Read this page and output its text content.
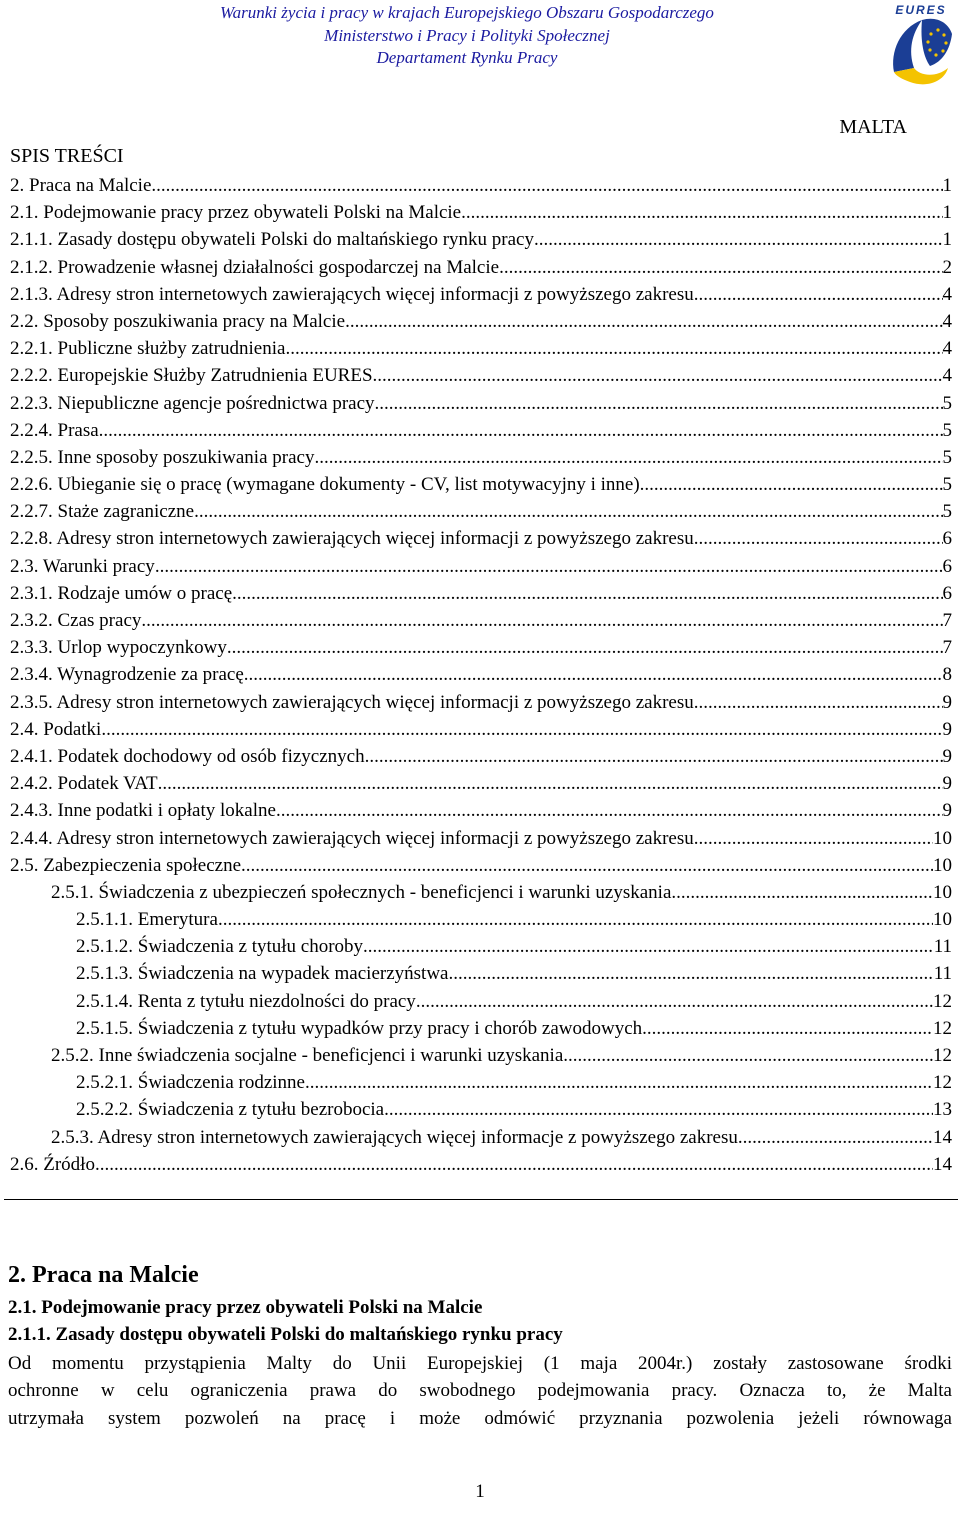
Warunki życia i pracy w krajach Europejskiego Obszaru Gospodarczego
Ministerstwo i Pracy i Polityki Społecznej
Departament Rynku Pracy
EURES
MALTA
SPIS TREŚCI
2. Praca na Malcie .....	1
2.1. Podejmowanie pracy przez obywateli Polski na Malcie .....	1
2.1.1. Zasady dostępu obywateli Polski do maltańskiego rynku pracy .....	1
2.1.2. Prowadzenie własnej działalności gospodarczej na Malcie .....	2
2.1.3. Adresy stron internetowych zawierających więcej informacji z powyższego zakresu .....	4
2.2. Sposoby poszukiwania pracy na Malcie .....	4
2.2.1. Publiczne służby zatrudnienia .....	4
2.2.2. Europejskie Służby Zatrudnienia EURES .....	4
2.2.3. Niepubliczne agencje pośrednictwa pracy .....	5
2.2.4. Prasa .....	5
2.2.5. Inne sposoby poszukiwania pracy .....	5
2.2.6. Ubieganie się o pracę (wymagane dokumenty - CV, list motywacyjny i inne) .....	5
2.2.7. Staże zagraniczne .....	5
2.2.8. Adresy stron internetowych zawierających więcej informacji z powyższego zakresu. .....	6
2.3. Warunki pracy .....	6
2.3.1. Rodzaje umów o pracę .....	6
2.3.2. Czas pracy .....	7
2.3.3. Urlop wypoczynkowy .....	7
2.3.4. Wynagrodzenie za pracę .....	8
2.3.5. Adresy stron internetowych zawierających więcej informacji z powyższego zakresu .....	9
2.4. Podatki .....	9
2.4.1. Podatek dochodowy od osób fizycznych .....	9
2.4.2. Podatek VAT .....	9
2.4.3. Inne podatki i opłaty lokalne .....	9
2.4.4. Adresy stron internetowych zawierających więcej informacji z powyższego zakresu .....	10
2.5. Zabezpieczenia społeczne .....	10
2.5.1. Świadczenia z ubezpieczeń społecznych - beneficjenci i warunki uzyskania .....	10
2.5.1.1. Emerytura .....	10
2.5.1.2. Świadczenia z tytułu choroby .....	11
2.5.1.3. Świadczenia na wypadek macierzyństwa .....	11
2.5.1.4. Renta z tytułu niezdolności do pracy .....	12
2.5.1.5. Świadczenia z tytułu wypadków przy pracy i chorób zawodowych .....	12
2.5.2. Inne świadczenia socjalne - beneficjenci i warunki uzyskania .....	12
2.5.2.1. Świadczenia rodzinne .....	12
2.5.2.2. Świadczenia z tytułu bezrobocia .....	13
2.5.3. Adresy stron internetowych zawierających więcej informacje z powyższego zakresu .....	14
2.6. Źródło .....	14
2. Praca na Malcie
2.1. Podejmowanie pracy przez obywateli Polski na Malcie
2.1.1. Zasady dostępu obywateli Polski do maltańskiego rynku pracy
Od momentu przystąpienia Malty do Unii Europejskiej (1 maja 2004r.) zostały zastosowane środki
ochronne w celu ograniczenia prawa do swobodnego podejmowania pracy. Oznacza to, że Malta
utrzymała system pozwoleń na pracę i może odmówić przyznania pozwolenia jeżeli równowaga
1
